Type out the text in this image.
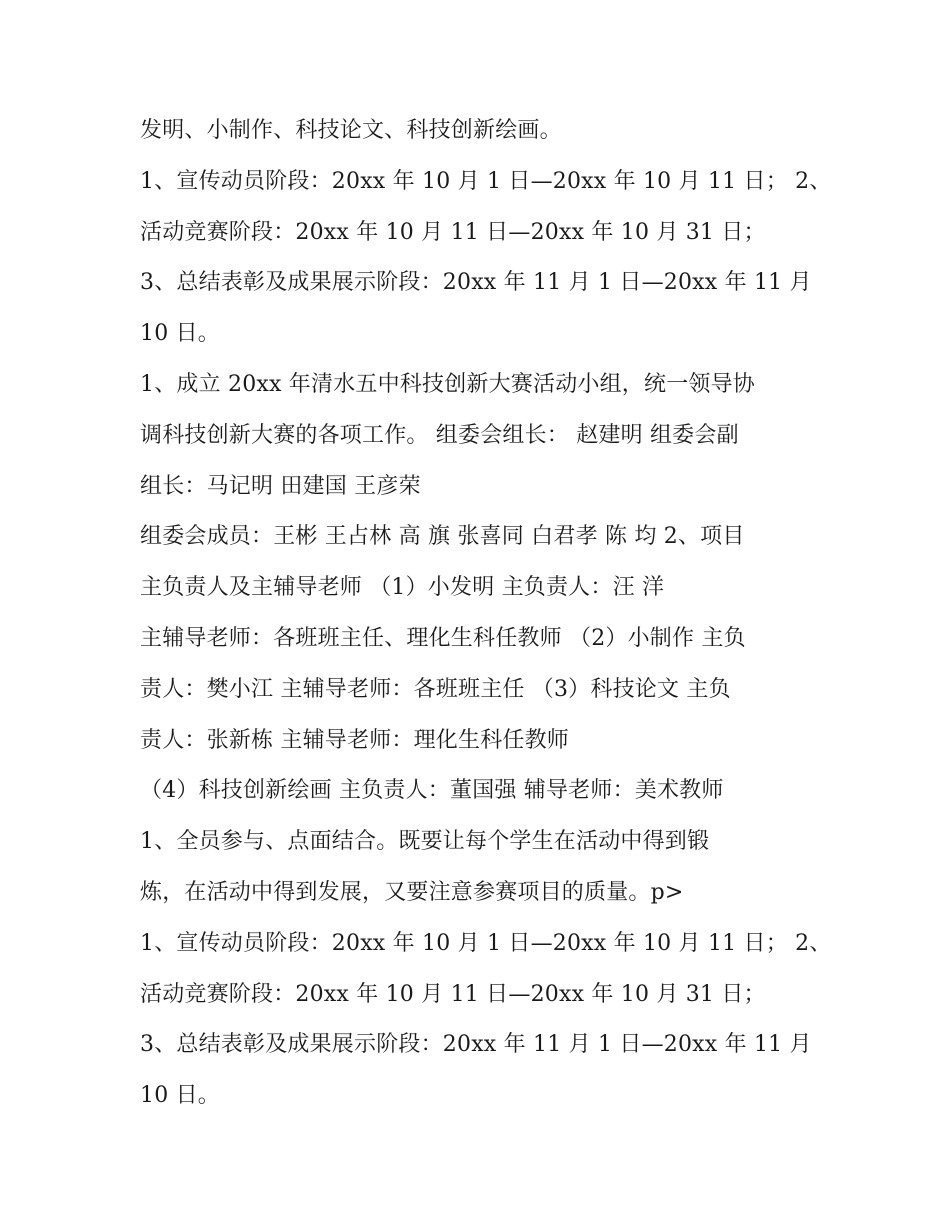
发明、小制作、科技论文、科技创新绘画。
1、宣传动员阶段：20xx 年 10 月 1 日—20xx 年 10 月 11 日； 2、
活动竞赛阶段：20xx 年 10 月 11 日—20xx 年 10 月 31 日；
3、总结表彰及成果展示阶段：20xx 年 11 月 1 日—20xx 年 11 月
10 日。
1、成立 20xx 年清水五中科技创新大赛活动小组，统一领导协
调科技创新大赛的各项工作。 组委会组长： 赵建明 组委会副
组长：马记明 田建国 王彦荣
组委会成员：王彬 王占林 高 旗 张喜同 白君孝 陈 均 2、项目
主负责人及主辅导老师 （1）小发明 主负责人：汪 洋
主辅导老师：各班班主任、理化生科任教师 （2）小制作 主负
责人：樊小江 主辅导老师：各班班主任 （3）科技论文 主负
责人：张新栋 主辅导老师：理化生科任教师
（4）科技创新绘画 主负责人：董国强 辅导老师：美术教师
1、全员参与、点面结合。既要让每个学生在活动中得到锻
炼，在活动中得到发展，又要注意参赛项目的质量。p>
1、宣传动员阶段：20xx 年 10 月 1 日—20xx 年 10 月 11 日； 2、
活动竞赛阶段：20xx 年 10 月 11 日—20xx 年 10 月 31 日；
3、总结表彰及成果展示阶段：20xx 年 11 月 1 日—20xx 年 11 月
10 日。
